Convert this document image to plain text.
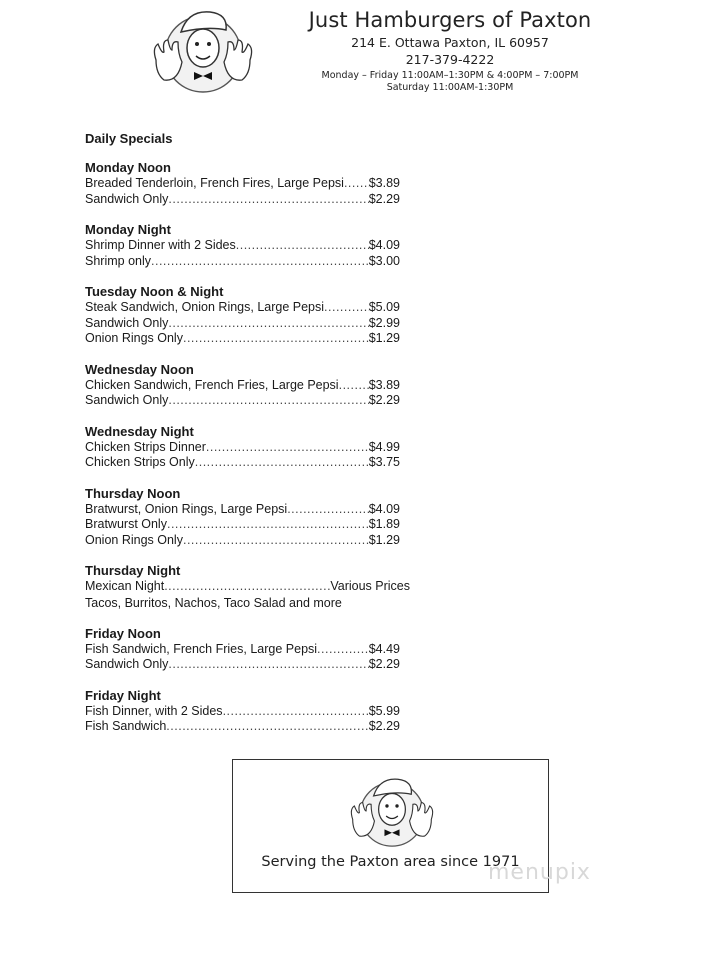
Just Hamburgers of Paxton
214 E. Ottawa Paxton, IL 60957
217-379-4222
Monday – Friday 11:00AM–1:30PM & 4:00PM – 7:00PM
Saturday 11:00AM-1:30PM
Daily Specials
Monday Noon
Breaded Tenderloin, French Fires, Large Pepsi ..... $3.89
Sandwich Only .....	$2.29
Monday Night
Shrimp Dinner with 2 Sides .....	$4.09
Shrimp only .....	$3.00
Tuesday Noon & Night
Steak Sandwich, Onion Rings, Large Pepsi .....	$5.09
Sandwich Only .....	$2.99
Onion Rings Only .....	$1.29
Wednesday Noon
Chicken Sandwich, French Fries, Large Pepsi ..... $3.89
Sandwich Only .....	$2.29
Wednesday Night
Chicken Strips Dinner .....	$4.99
Chicken Strips Only .....	$3.75
Thursday Noon
Bratwurst, Onion Rings, Large Pepsi .....	$4.09
Bratwurst Only .....	$1.89
Onion Rings Only .....	$1.29
Thursday Night
Mexican Night .....	Various Prices
Tacos, Burritos, Nachos, Taco Salad and more
Friday Noon
Fish Sandwich, French Fries, Large Pepsi .....	$4.49
Sandwich Only .....	$2.29
Friday Night
Fish Dinner, with 2 Sides .....	$5.99
Fish Sandwich .....	$2.29
Serving the Paxton area since 1971
menupix
